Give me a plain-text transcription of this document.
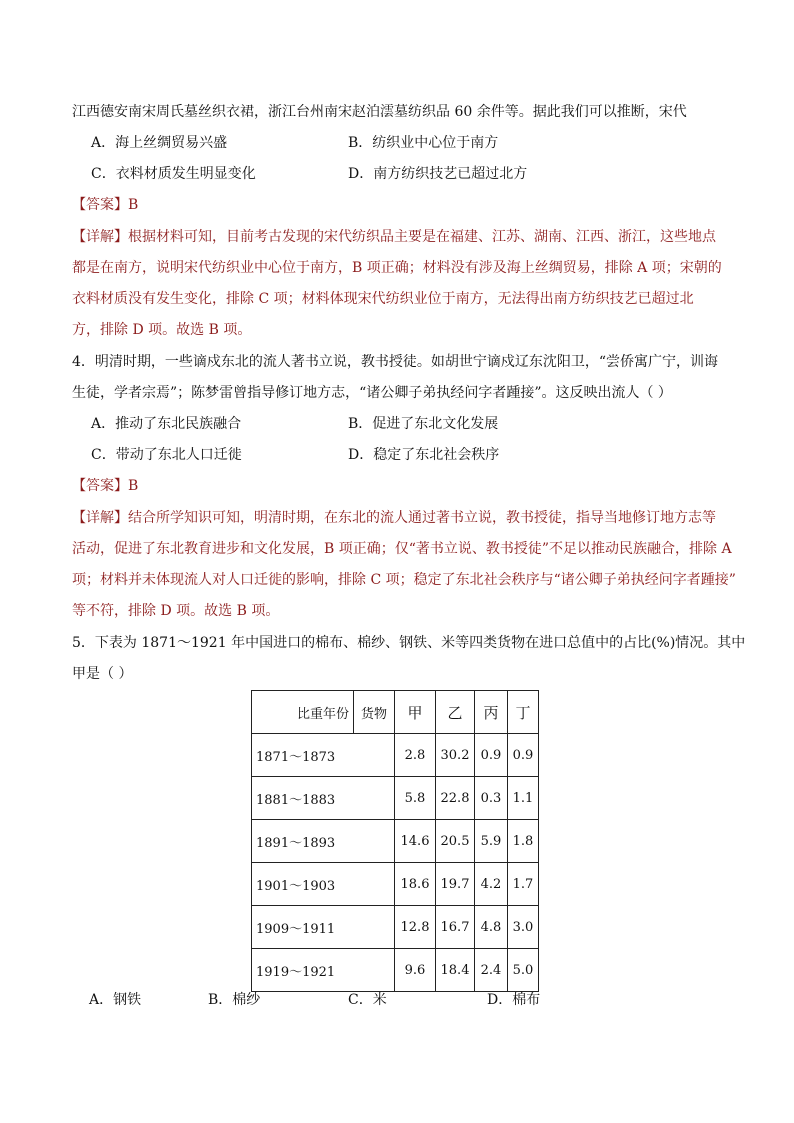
江西德安南宋周氏墓丝织衣裙，浙江台州南宋赵泊澐墓纺织品 60 余件等。据此我们可以推断，宋代
A．海上丝绸贸易兴盛	B．纺织业中心位于南方
C．衣料材质发生明显变化	D．南方纺织技艺已超过北方
【答案】B
【详解】根据材料可知，目前考古发现的宋代纺织品主要是在福建、江苏、湖南、江西、浙江，这些地点
都是在南方，说明宋代纺织业中心位于南方，B 项正确；材料没有涉及海上丝绸贸易，排除 A 项；宋朝的
衣料材质没有发生变化，排除 C 项；材料体现宋代纺织业位于南方，无法得出南方纺织技艺已超过北
方，排除 D 项。故选 B 项。
4．明清时期，一些谪戍东北的流人著书立说，教书授徒。如胡世宁谪戍辽东沈阳卫，“尝侨寓广宁，训诲
生徒，学者宗焉”；陈梦雷曾指导修订地方志，“诸公卿子弟执经问字者踵接”。这反映出流人（ ）
A．推动了东北民族融合	B．促进了东北文化发展
C．带动了东北人口迁徙	D．稳定了东北社会秩序
【答案】B
【详解】结合所学知识可知，明清时期，在东北的流人通过著书立说，教书授徒，指导当地修订地方志等
活动，促进了东北教育进步和文化发展，B 项正确；仅“著书立说、教书授徒”不足以推动民族融合，排除 A
项；材料并未体现流人对人口迁徙的影响，排除 C 项；稳定了东北社会秩序与“诸公卿子弟执经问字者踵接”
等不符，排除 D 项。故选 B 项。
5．下表为 1871～1921 年中国进口的棉布、棉纱、钢铁、米等四类货物在进口总值中的占比(%)情况。其中
甲是（ ）
比重年份	货物	甲	乙	丙	丁
1871～1873		2.8	30.2	0.9	0.9
1881～1883		5.8	22.8	0.3	1.1
1891～1893		14.6	20.5	5.9	1.8
1901～1903		18.6	19.7	4.2	1.7
1909～1911		12.8	16.7	4.8	3.0
1919～1921		9.6	18.4	2.4	5.0
A．钢铁	B．棉纱	C．米	D．棉布
